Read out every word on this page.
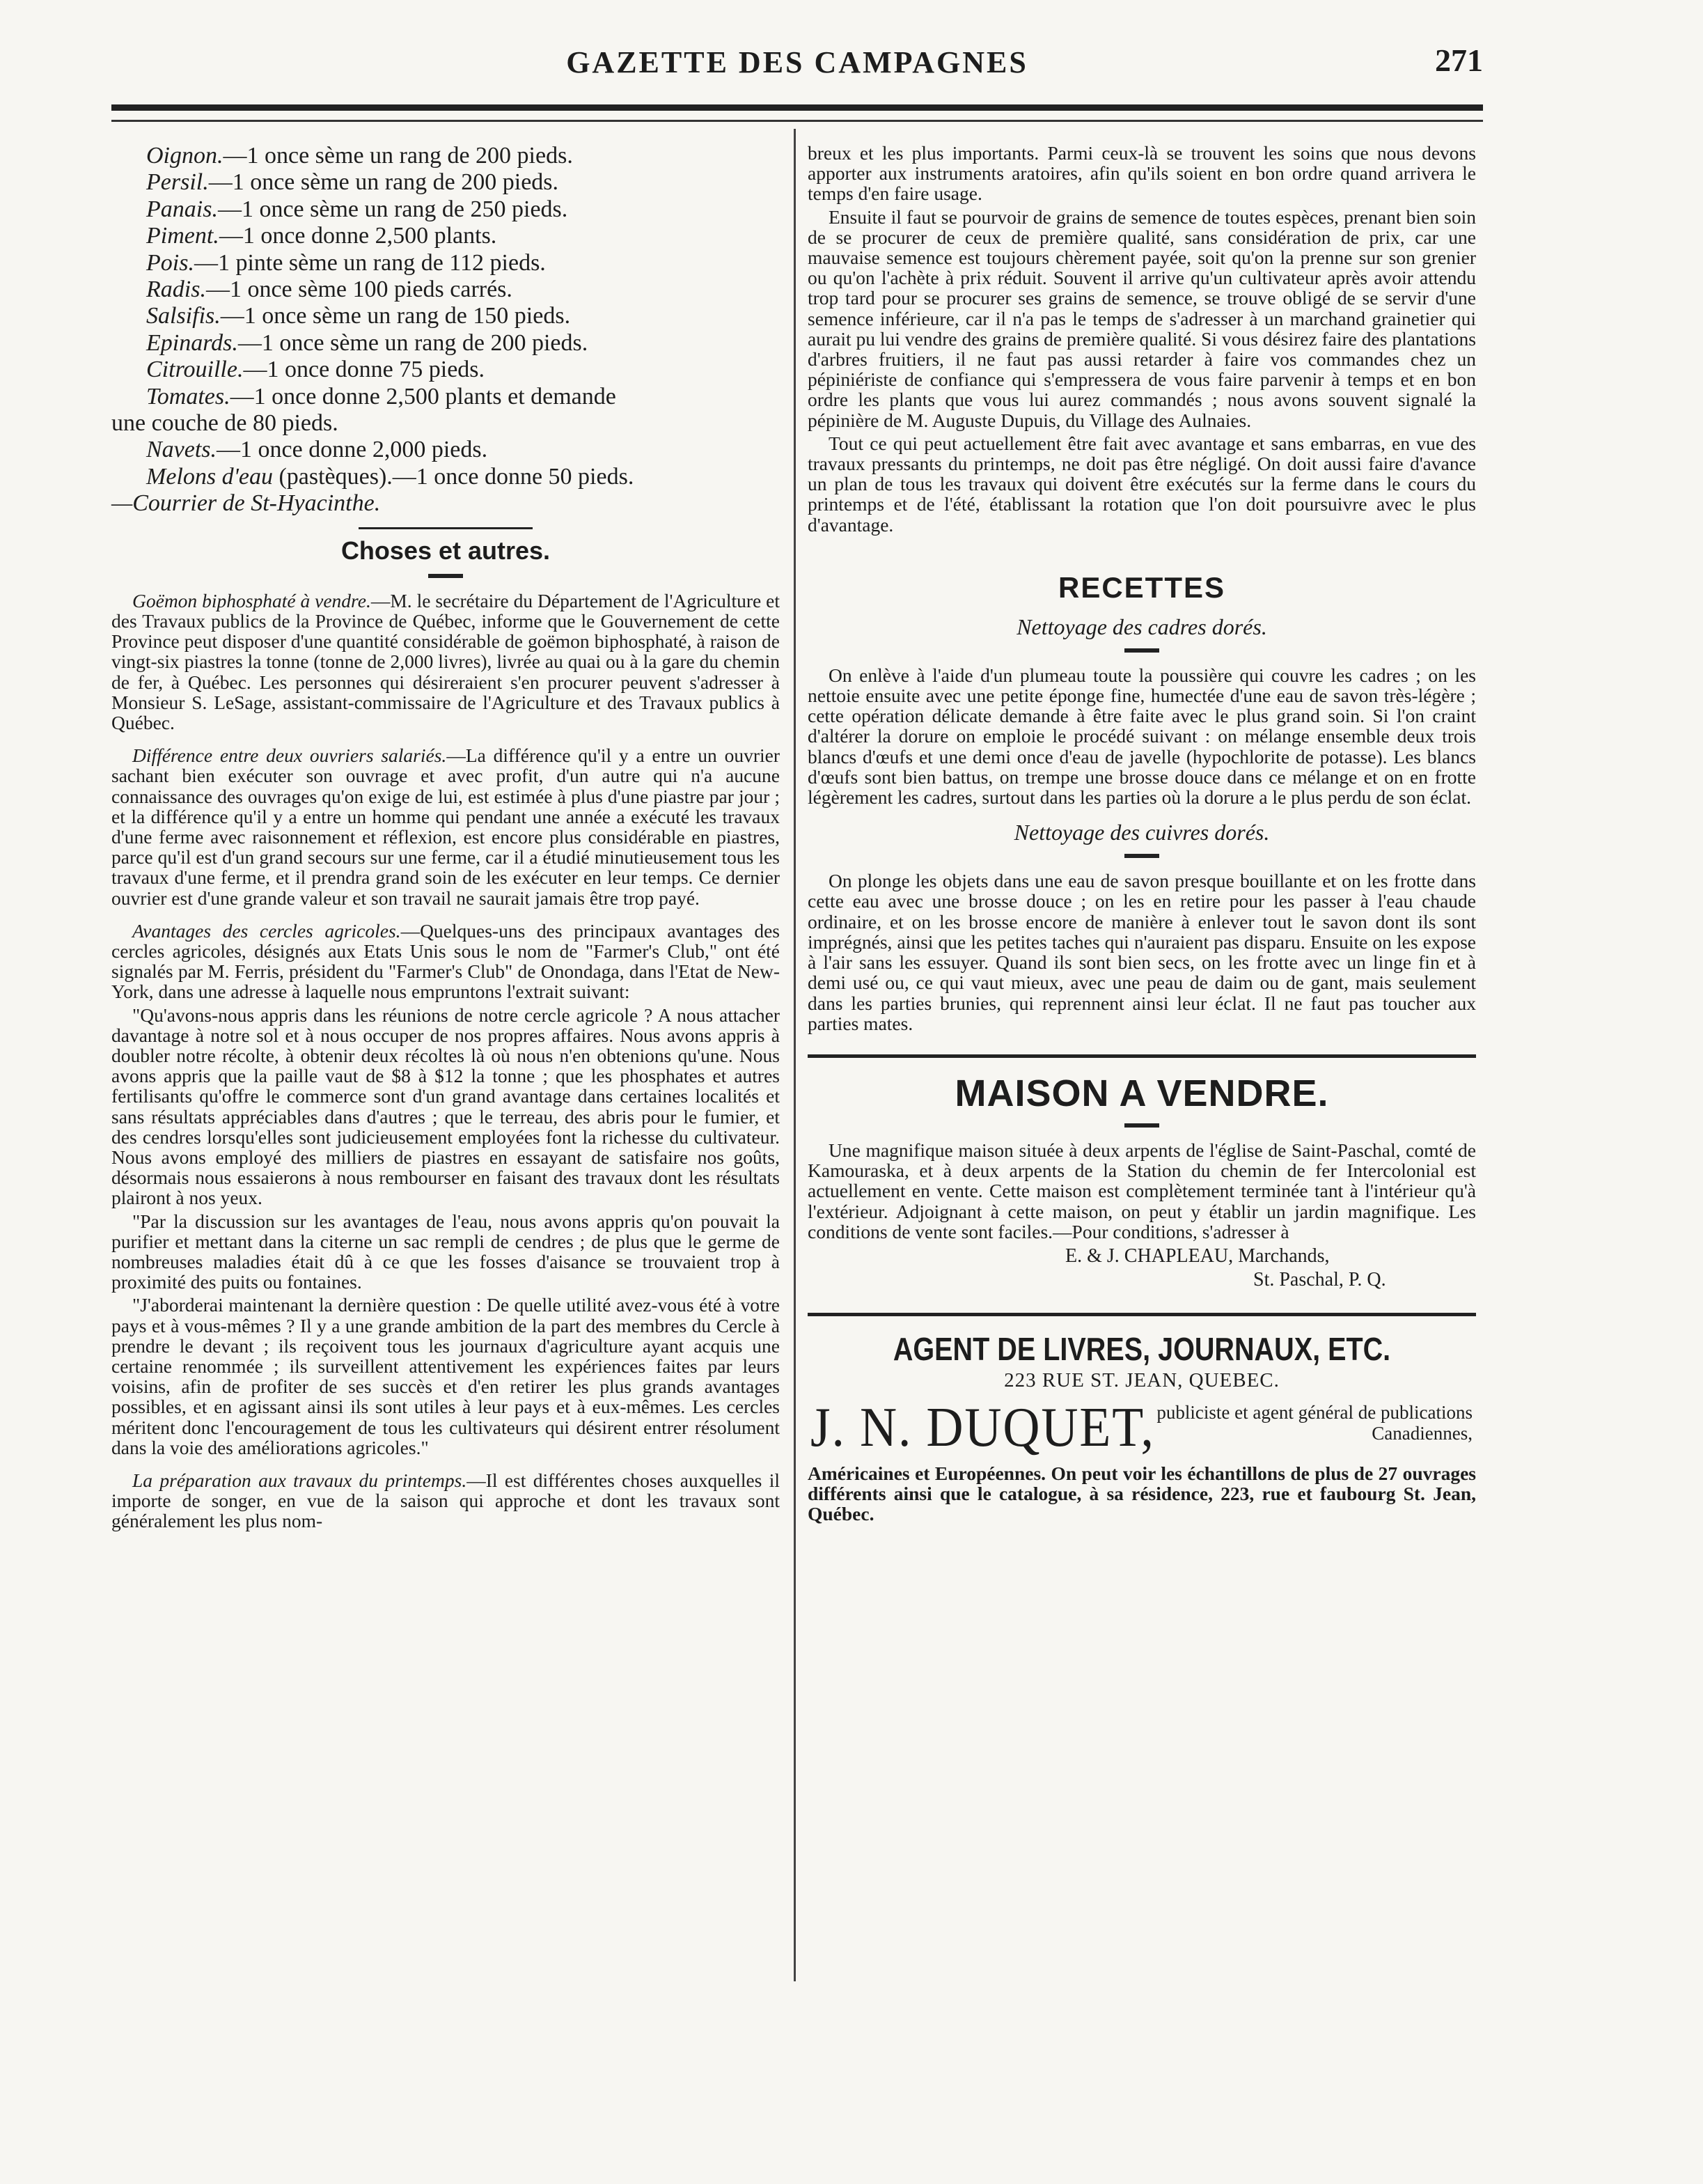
GAZETTE DES CAMPAGNES	271
Oignon.—1 once sème un rang de 200 pieds.
Persil.—1 once sème un rang de 200 pieds.
Panais.—1 once sème un rang de 250 pieds.
Piment.—1 once donne 2,500 plants.
Pois.—1 pinte sème un rang de 112 pieds.
Radis.—1 once sème 100 pieds carrés.
Salsifis.—1 once sème un rang de 150 pieds.
Epinards.—1 once sème un rang de 200 pieds.
Citrouille.—1 once donne 75 pieds.
Tomates.—1 once donne 2,500 plants et demande
une couche de 80 pieds.
Navets.—1 once donne 2,000 pieds.
Melons d'eau (pastèques).—1 once donne 50 pieds.
—Courrier de St-Hyacinthe.
Choses et autres.

Goëmon biphosphaté à vendre.—M. le secrétaire du Département de l'Agriculture et des Travaux publics de la Province de Québec, informe que le Gouvernement de cette Province peut disposer d'une quantité considérable de goëmon biphosphaté, à raison de vingt-six piastres la tonne (tonne de 2,000 livres), livrée au quai ou à la gare du chemin de fer, à Québec. Les personnes qui désireraient s'en procurer peuvent s'adresser à Monsieur S. LeSage, assistant-commissaire de l'Agriculture et des Travaux publics à Québec.

Différence entre deux ouvriers salariés.—La différence qu'il y a entre un ouvrier sachant bien exécuter son ouvrage et avec profit, d'un autre qui n'a aucune connaissance des ouvrages qu'on exige de lui, est estimée à plus d'une piastre par jour ; et la différence qu'il y a entre un homme qui pendant une année a exécuté les travaux d'une ferme avec raisonnement et réflexion, est encore plus considérable en piastres, parce qu'il est d'un grand secours sur une ferme, car il a étudié minutieusement tous les travaux d'une ferme, et il prendra grand soin de les exécuter en leur temps. Ce dernier ouvrier est d'une grande valeur et son travail ne saurait jamais être trop payé.

Avantages des cercles agricoles.—Quelques-uns des principaux avantages des cercles agricoles, désignés aux Etats Unis sous le nom de "Farmer's Club," ont été signalés par M. Ferris, président du "Farmer's Club" de Onondaga, dans l'Etat de New-York, dans une adresse à laquelle nous empruntons l'extrait suivant:

"Qu'avons-nous appris dans les réunions de notre cercle agricole ? A nous attacher davantage à notre sol et à nous occuper de nos propres affaires. Nous avons appris à doubler notre récolte, à obtenir deux récoltes là où nous n'en obtenions qu'une. Nous avons appris que la paille vaut de $8 à $12 la tonne ; que les phosphates et autres fertilisants qu'offre le commerce sont d'un grand avantage dans certaines localités et sans résultats appréciables dans d'autres ; que le terreau, des abris pour le fumier, et des cendres lorsqu'elles sont judicieusement employées font la richesse du cultivateur. Nous avons employé des milliers de piastres en essayant de satisfaire nos goûts, désormais nous essaierons à nous rembourser en faisant des travaux dont les résultats plairont à nos yeux.

"Par la discussion sur les avantages de l'eau, nous avons appris qu'on pouvait la purifier et mettant dans la citerne un sac rempli de cendres ; de plus que le germe de nombreuses maladies était dû à ce que les fosses d'aisance se trouvaient trop à proximité des puits ou fontaines.

"J'aborderai maintenant la dernière question : De quelle utilité avez-vous été à votre pays et à vous-mêmes ? Il y a une grande ambition de la part des membres du Cercle à prendre le devant ; ils reçoivent tous les journaux d'agriculture ayant acquis une certaine renommée ; ils surveillent attentivement les expériences faites par leurs voisins, afin de profiter de ses succès et d'en retirer les plus grands avantages possibles, et en agissant ainsi ils sont utiles à leur pays et à eux-mêmes. Les cercles méritent donc l'encouragement de tous les cultivateurs qui désirent entrer résolument dans la voie des améliorations agricoles."

La préparation aux travaux du printemps.—Il est différentes choses auxquelles il importe de songer, en vue de la saison qui approche et dont les travaux sont généralement les plus nom-

breux et les plus importants. Parmi ceux-là se trouvent les soins que nous devons apporter aux instruments aratoires, afin qu'ils soient en bon ordre quand arrivera le temps d'en faire usage.

Ensuite il faut se pourvoir de grains de semence de toutes espèces, prenant bien soin de se procurer de ceux de première qualité, sans considération de prix, car une mauvaise semence est toujours chèrement payée, soit qu'on la prenne sur son grenier ou qu'on l'achète à prix réduit. Souvent il arrive qu'un cultivateur après avoir attendu trop tard pour se procurer ses grains de semence, se trouve obligé de se servir d'une semence inférieure, car il n'a pas le temps de s'adresser à un marchand grainetier qui aurait pu lui vendre des grains de première qualité. Si vous désirez faire des plantations d'arbres fruitiers, il ne faut pas aussi retarder à faire vos commandes chez un pépiniériste de confiance qui s'empressera de vous faire parvenir à temps et en bon ordre les plants que vous lui aurez commandés ; nous avons souvent signalé la pépinière de M. Auguste Dupuis, du Village des Aulnaies.

Tout ce qui peut actuellement être fait avec avantage et sans embarras, en vue des travaux pressants du printemps, ne doit pas être négligé. On doit aussi faire d'avance un plan de tous les travaux qui doivent être exécutés sur la ferme dans le cours du printemps et de l'été, établissant la rotation que l'on doit poursuivre avec le plus d'avantage.

RECETTES
Nettoyage des cadres dorés.

On enlève à l'aide d'un plumeau toute la poussière qui couvre les cadres ; on les nettoie ensuite avec une petite éponge fine, humectée d'une eau de savon très-légère ; cette opération délicate demande à être faite avec le plus grand soin. Si l'on craint d'altérer la dorure on emploie le procédé suivant : on mélange ensemble deux trois blancs d'œufs et une demi once d'eau de javelle (hypochlorite de potasse). Les blancs d'œufs sont bien battus, on trempe une brosse douce dans ce mélange et on en frotte légèrement les cadres, surtout dans les parties où la dorure a le plus perdu de son éclat.

Nettoyage des cuivres dorés.

On plonge les objets dans une eau de savon presque bouillante et on les frotte dans cette eau avec une brosse douce ; on les en retire pour les passer à l'eau chaude ordinaire, et on les brosse encore de manière à enlever tout le savon dont ils sont imprégnés, ainsi que les petites taches qui n'auraient pas disparu. Ensuite on les expose à l'air sans les essuyer. Quand ils sont bien secs, on les frotte avec un linge fin et à demi usé ou, ce qui vaut mieux, avec une peau de daim ou de gant, mais seulement dans les parties brunies, qui reprennent ainsi leur éclat. Il ne faut pas toucher aux parties mates.

MAISON A VENDRE.

Une magnifique maison située à deux arpents de l'église de Saint-Paschal, comté de Kamouraska, et à deux arpents de la Station du chemin de fer Intercolonial est actuellement en vente. Cette maison est complètement terminée tant à l'intérieur qu'à l'extérieur. Adjoignant à cette maison, on peut y établir un jardin magnifique. Les conditions de vente sont faciles.—Pour conditions, s'adresser à

E. & J. CHAPLEAU, Marchands,
St. Paschal, P. Q.
AGENT DE LIVRES, JOURNAUX, ETC.
223 RUE ST. JEAN, QUEBEC.
J. N. DUQUET, publiciste et agent général de publications Canadiennes,
Américaines et Européennes. On peut voir les échantillons de plus de 27 ouvrages différents ainsi que le catalogue, à sa résidence, 223, rue et faubourg St. Jean, Québec.
